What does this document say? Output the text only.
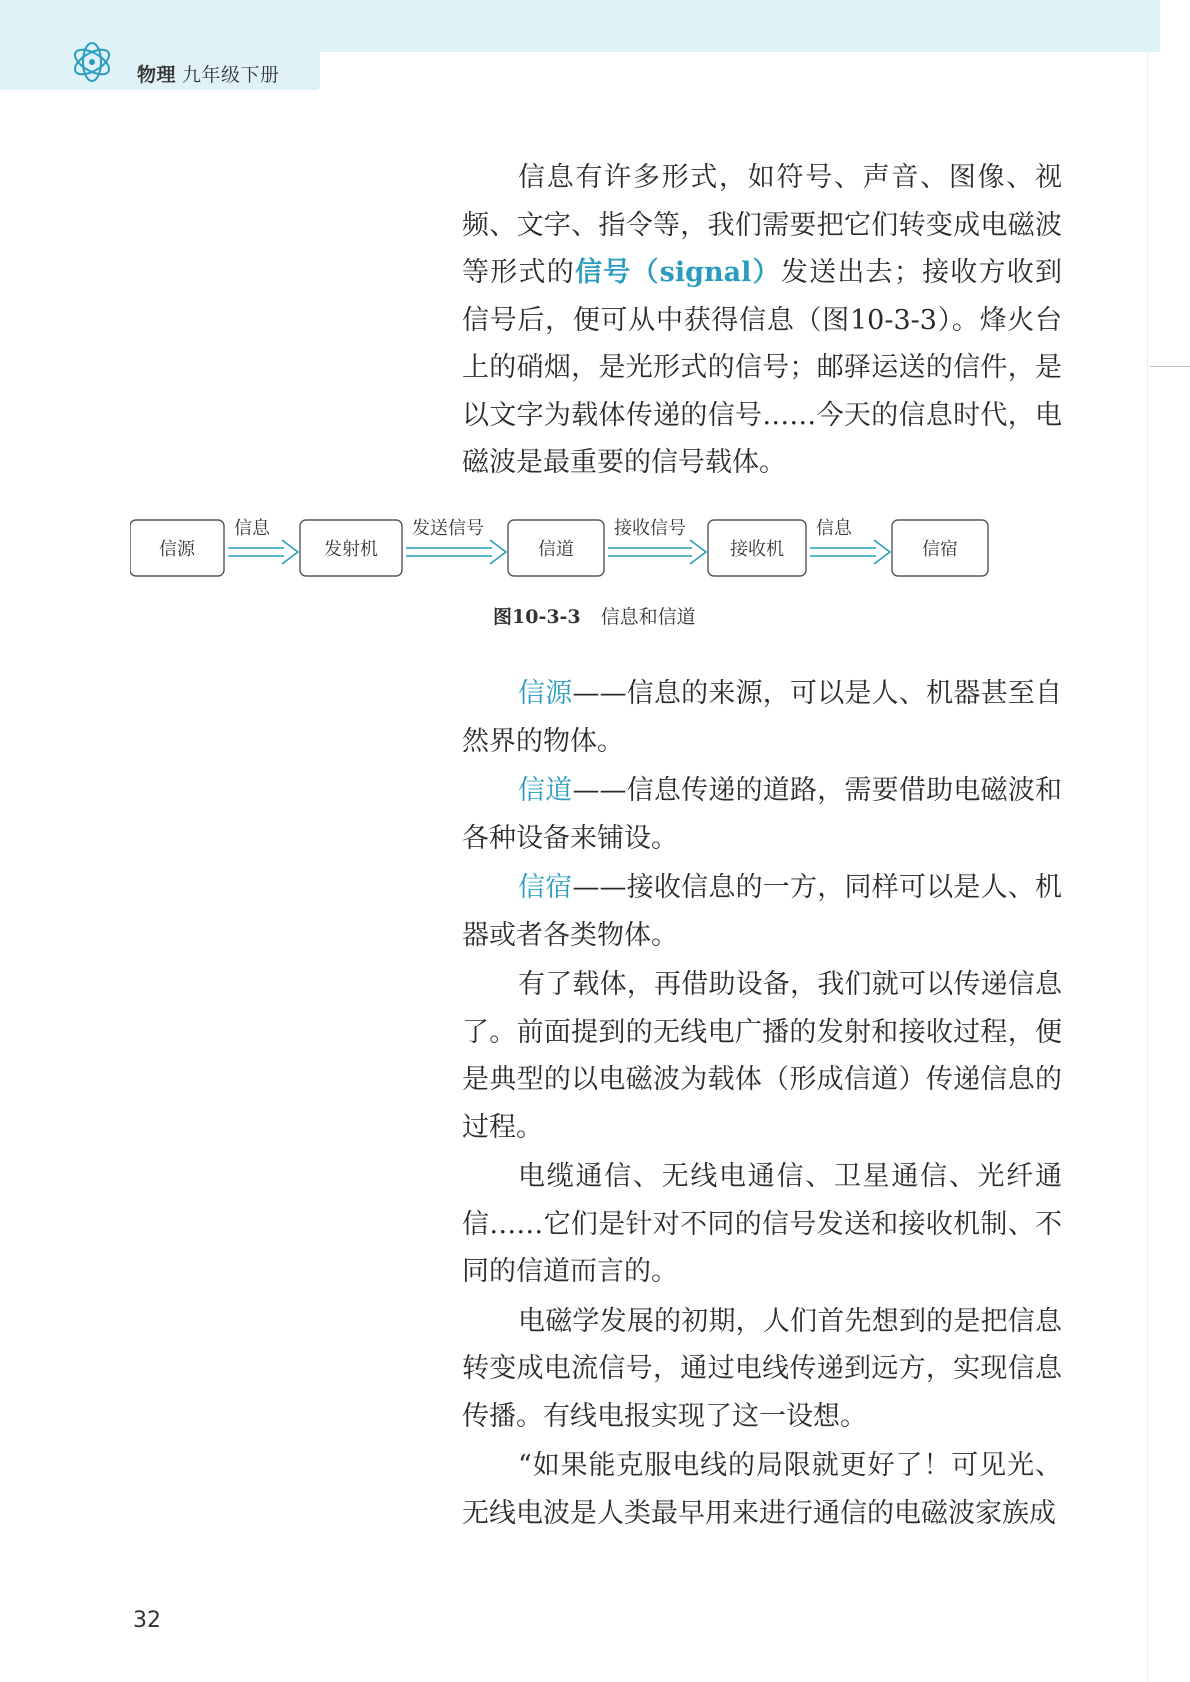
物理 九年级下册

信息有许多形式，如符号、声音、图像、视频、文字、指令等，我们需要把它们转变成电磁波等形式的信号（signal）发送出去；接收方收到信号后，便可从中获得信息（图10-3-3）。烽火台上的硝烟，是光形式的信号；邮驿运送的信件，是以文字为载体传递的信号……今天的信息时代，电磁波是最重要的信号载体。

信源	发射机	信道	接收机	信宿
信息	发送信号	接收信号	信息
图10-3-3 信息和信道

信源——信息的来源，可以是人、机器甚至自然界的物体。

信道——信息传递的道路，需要借助电磁波和各种设备来铺设。

信宿——接收信息的一方，同样可以是人、机器或者各类物体。

有了载体，再借助设备，我们就可以传递信息了。前面提到的无线电广播的发射和接收过程，便是典型的以电磁波为载体（形成信道）传递信息的过程。

电缆通信、无线电通信、卫星通信、光纤通信……它们是针对不同的信号发送和接收机制、不同的信道而言的。

电磁学发展的初期，人们首先想到的是把信息转变成电流信号，通过电线传递到远方，实现信息传播。有线电报实现了这一设想。

“如果能克服电线的局限就更好了！可见光、无线电波是人类最早用来进行通信的电磁波家族成

32
